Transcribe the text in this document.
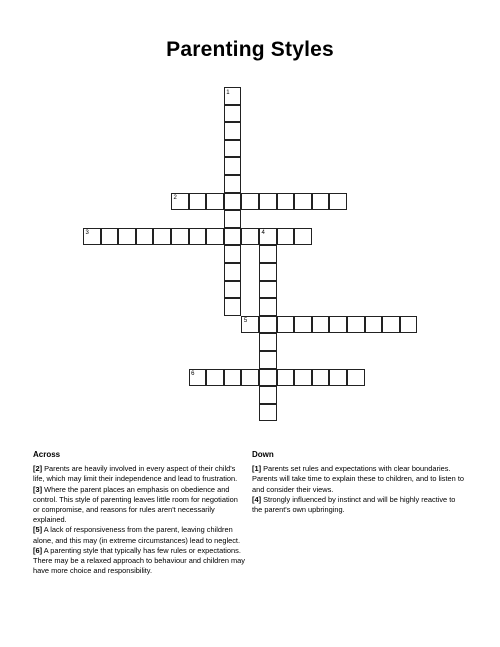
Parenting Styles
1
2
3	4
5
6
Across

[2] Parents are heavily involved in every aspect of their child's life, which may limit their independence and lead to frustration.

[3] Where the parent places an emphasis on obedience and control. This style of parenting leaves little room for negotiation or compromise, and reasons for rules aren't necessarily explained.

[5] A lack of responsiveness from the parent, leaving children alone, and this may (in extreme circumstances) lead to neglect.

[6] A parenting style that typically has few rules or expectations. There may be a relaxed approach to behaviour and children may have more choice and responsibility.

Down

[1] Parents set rules and expectations with clear boundaries. Parents will take time to explain these to children, and to listen to and consider their views.

[4] Strongly influenced by instinct and will be highly reactive to the parent's own upbringing.
